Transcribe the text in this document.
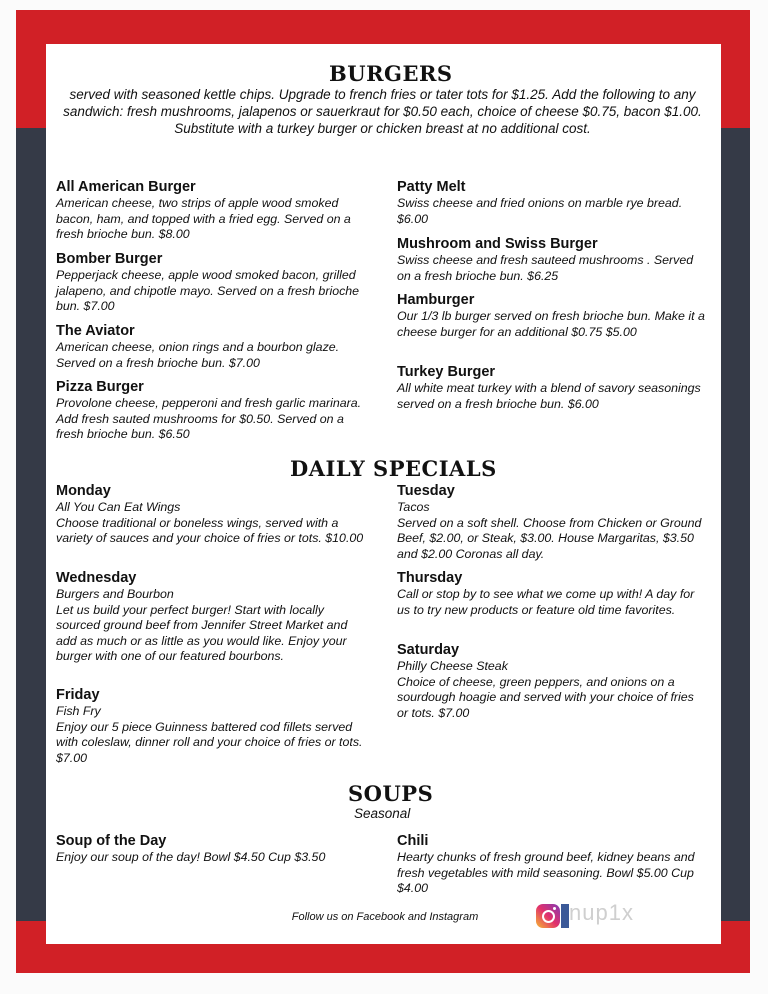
BURGERS
served with seasoned kettle chips. Upgrade to french fries or tater tots for $1.25. Add the following to any sandwich: fresh mushrooms, jalapenos or sauerkraut for $0.50 each, choice of cheese $0.75, bacon $1.00. Substitute with a turkey burger or chicken breast at no additional cost.
All American Burger
American cheese, two strips of apple wood smoked bacon, ham, and topped with a fried egg. Served on a fresh brioche bun. $8.00
Bomber Burger
Pepperjack cheese, apple wood smoked bacon, grilled jalapeno, and chipotle mayo. Served on a fresh brioche bun. $7.00
The Aviator
American cheese, onion rings and a bourbon glaze. Served on a fresh brioche bun. $7.00
Pizza Burger
Provolone cheese, pepperoni and fresh garlic marinara. Add fresh sauted mushrooms for $0.50. Served on a fresh brioche bun. $6.50
Patty Melt
Swiss cheese and fried onions on marble rye bread. $6.00
Mushroom and Swiss Burger
Swiss cheese and fresh sauteed mushrooms . Served on a fresh brioche bun. $6.25
Hamburger
Our 1/3 lb burger served on fresh brioche bun. Make it a cheese burger for an additional $0.75 $5.00
Turkey Burger
All white meat turkey with a blend of savory seasonings served on a fresh brioche bun. $6.00
DAILY SPECIALS
Monday
All You Can Eat Wings
Choose traditional or boneless wings, served with a variety of sauces and your choice of fries or tots. $10.00
Wednesday
Burgers and Bourbon
Let us build your perfect burger! Start with locally sourced ground beef from Jennifer Street Market and add as much or as little as you would like. Enjoy your burger with one of our featured bourbons.
Friday
Fish Fry
Enjoy our 5 piece Guinness battered cod fillets served with coleslaw, dinner roll and your choice of fries or tots. $7.00
Tuesday
Tacos
Served on a soft shell. Choose from Chicken or Ground Beef, $2.00, or Steak, $3.00. House Margaritas, $3.50 and $2.00 Coronas all day.
Thursday
Call or stop by to see what we come up with! A day for us to try new products or feature old time favorites.
Saturday
Philly Cheese Steak
Choice of cheese, green peppers, and onions on a sourdough hoagie and served with your choice of fries or tots. $7.00
SOUPS
Seasonal
Soup of the Day
Enjoy our soup of the day! Bowl $4.50 Cup $3.50
Chili
Hearty chunks of fresh ground beef, kidney beans and fresh vegetables with mild seasoning. Bowl $5.00 Cup $4.00
Follow us on Facebook and Instagram	nup1x
